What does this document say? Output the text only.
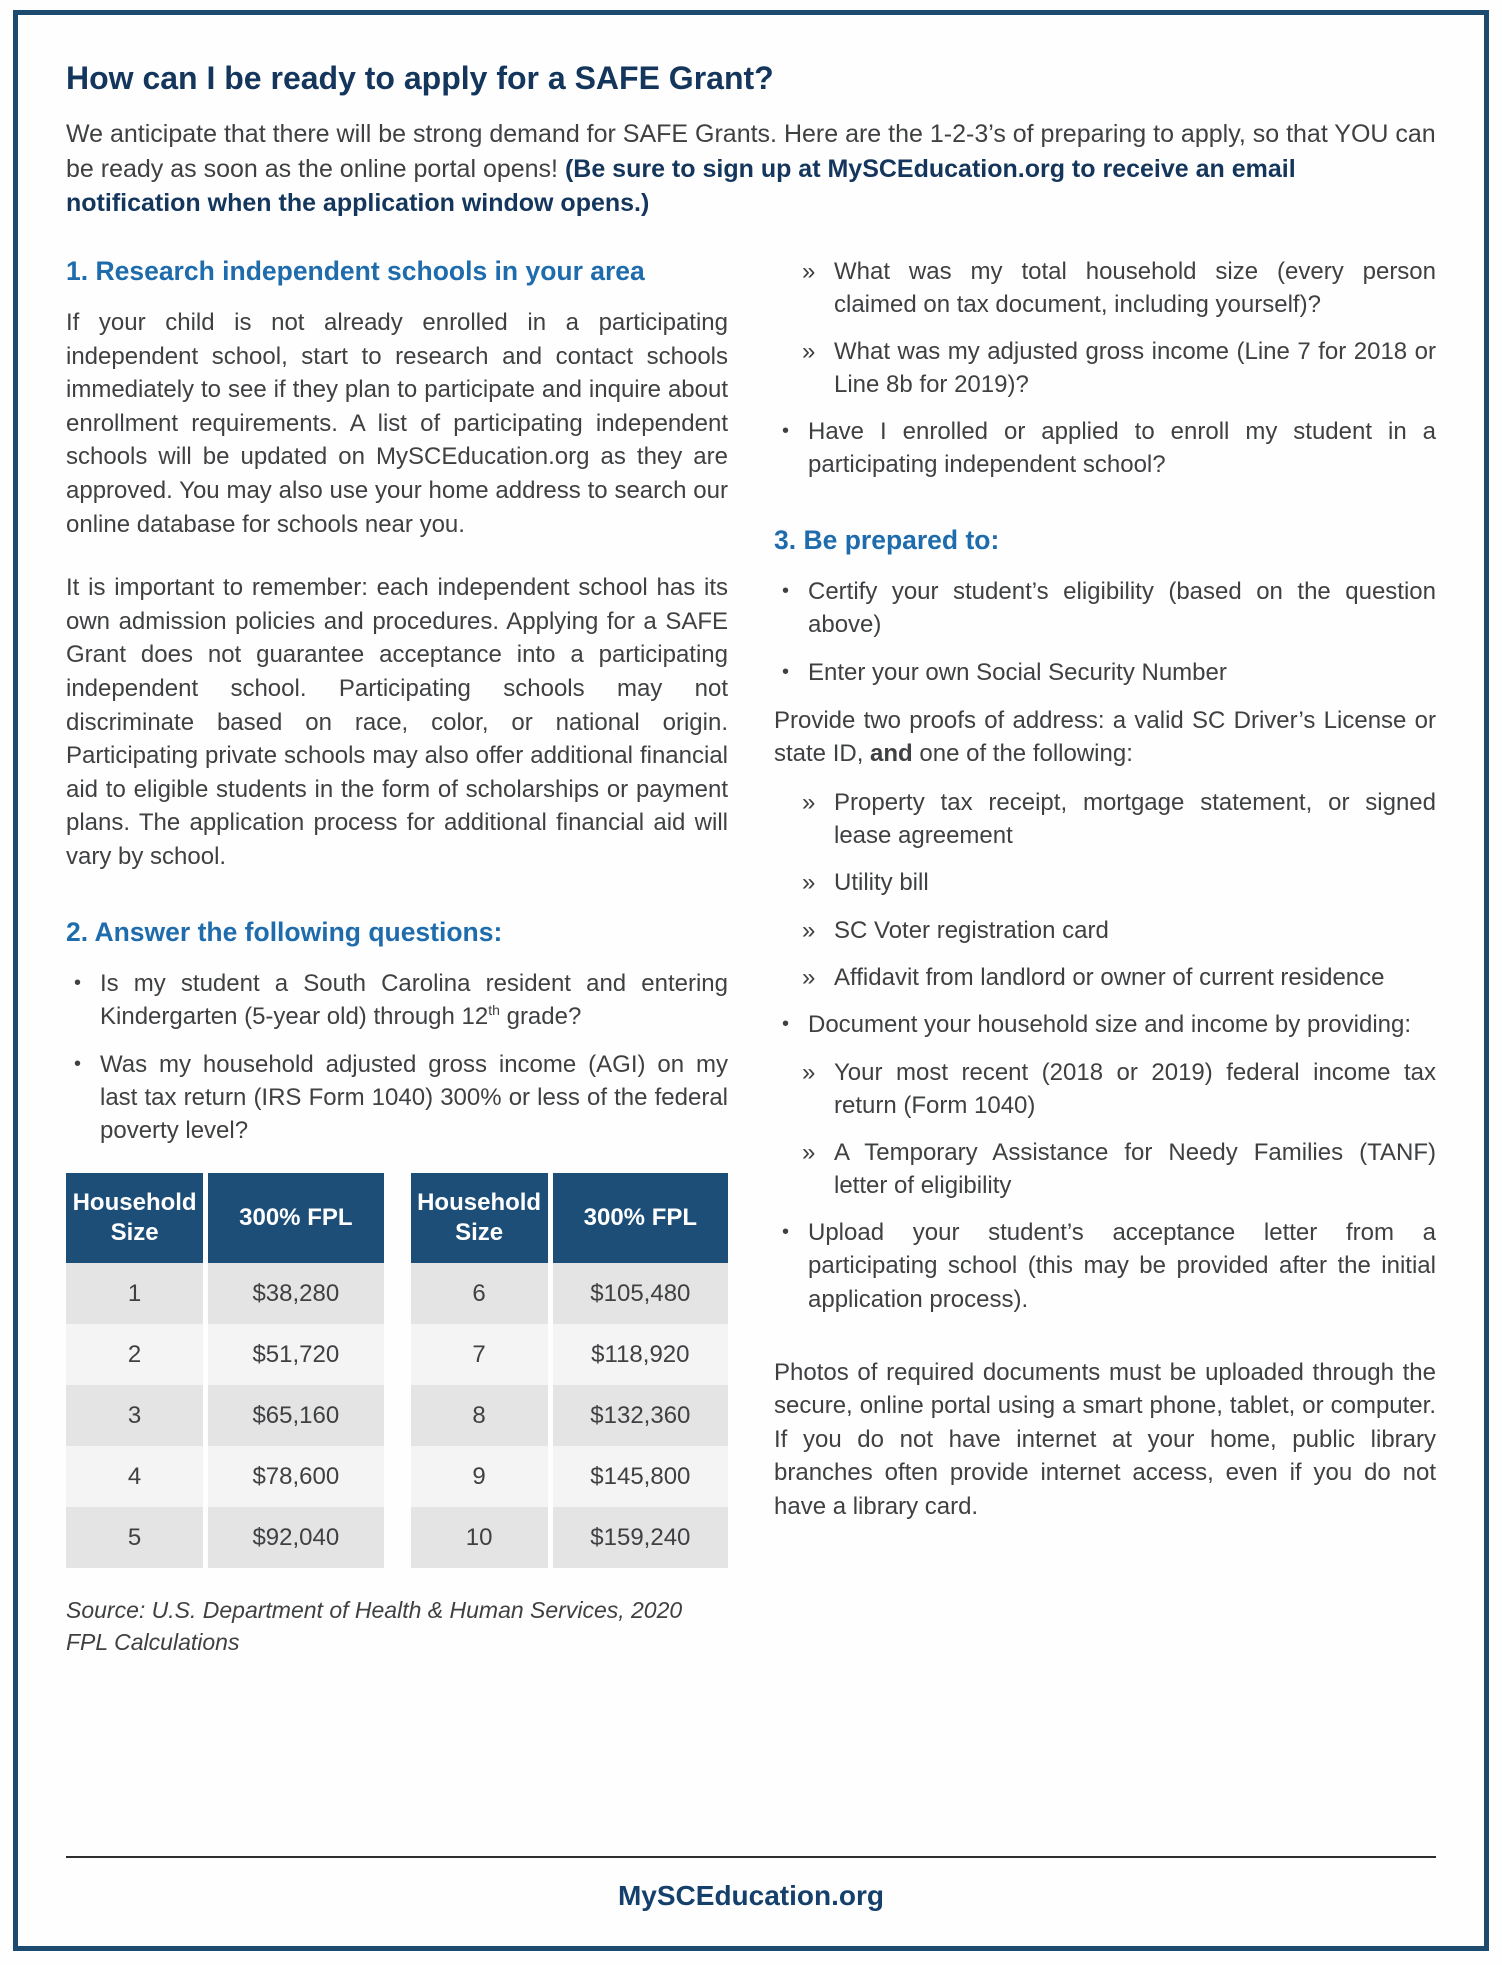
How can I be ready to apply for a SAFE Grant?

We anticipate that there will be strong demand for SAFE Grants. Here are the 1-2-3’s of preparing to apply, so that YOU can be ready as soon as the online portal opens! (Be sure to sign up at MySCEducation.org to receive an email notification when the application window opens.)

1. Research independent schools in your area

If your child is not already enrolled in a participating independent school, start to research and contact schools immediately to see if they plan to participate and inquire about enrollment requirements. A list of participating independent schools will be updated on MySCEducation.org as they are approved. You may also use your home address to search our online database for schools near you.

It is important to remember: each independent school has its own admission policies and procedures. Applying for a SAFE Grant does not guarantee acceptance into a participating independent school. Participating schools may not discriminate based on race, color, or national origin. Participating private schools may also offer additional financial aid to eligible students in the form of scholarships or payment plans. The application process for additional financial aid will vary by school.

2. Answer the following questions:
• Is my student a South Carolina resident and entering Kindergarten (5-year old) through 12th grade?
• Was my household adjusted gross income (AGI) on my last tax return (IRS Form 1040) 300% or less of the federal poverty level?
Household Size	300% FPL
1	$38,280
2	$51,720
3	$65,160
4	$78,600
5	$92,040
Household Size	300% FPL
6	$105,480
7	$118,920
8	$132,360
9	$145,800
10	$159,240

Source: U.S. Department of Health & Human Services, 2020 FPL Calculations

» What was my total household size (every person claimed on tax document, including yourself)?
» What was my adjusted gross income (Line 7 for 2018 or Line 8b for 2019)?
• Have I enrolled or applied to enroll my student in a participating independent school?
3. Be prepared to:
• Certify your student’s eligibility (based on the question above)
• Enter your own Social Security Number

Provide two proofs of address: a valid SC Driver’s License or state ID, and one of the following:

» Property tax receipt, mortgage statement, or signed lease agreement
» Utility bill
» SC Voter registration card
» Affidavit from landlord or owner of current residence
• Document your household size and income by providing:
» Your most recent (2018 or 2019) federal income tax return (Form 1040)
» A Temporary Assistance for Needy Families (TANF) letter of eligibility
• Upload your student’s acceptance letter from a participating school (this may be provided after the initial application process).

Photos of required documents must be uploaded through the secure, online portal using a smart phone, tablet, or computer. If you do not have internet at your home, public library branches often provide internet access, even if you do not have a library card.

MySCEducation.org
